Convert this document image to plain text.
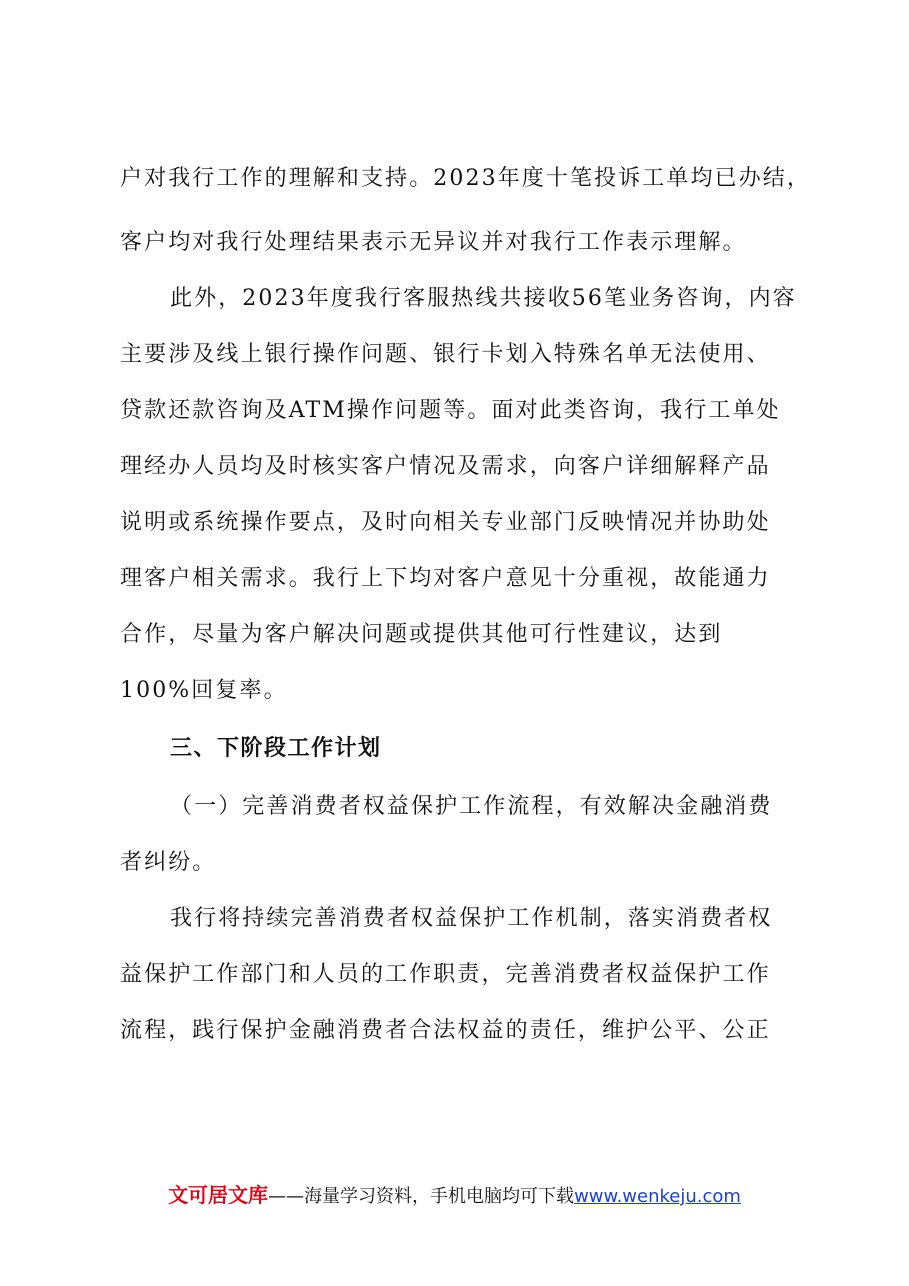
户对我行工作的理解和支持。2023年度十笔投诉工单均已办结，
客户均对我行处理结果表示无异议并对我行工作表示理解。
此外，2023年度我行客服热线共接收56笔业务咨询，内容
主要涉及线上银行操作问题、银行卡划入特殊名单无法使用、
贷款还款咨询及ATM操作问题等。面对此类咨询，我行工单处
理经办人员均及时核实客户情况及需求，向客户详细解释产品
说明或系统操作要点，及时向相关专业部门反映情况并协助处
理客户相关需求。我行上下均对客户意见十分重视，故能通力
合作，尽量为客户解决问题或提供其他可行性建议，达到
100%回复率。
三、下阶段工作计划
（一）完善消费者权益保护工作流程，有效解决金融消费
者纠纷。
我行将持续完善消费者权益保护工作机制，落实消费者权
益保护工作部门和人员的工作职责，完善消费者权益保护工作
流程，践行保护金融消费者合法权益的责任，维护公平、公正
文可居文库——海量学习资料，手机电脑均可下载www.wenkeju.com
